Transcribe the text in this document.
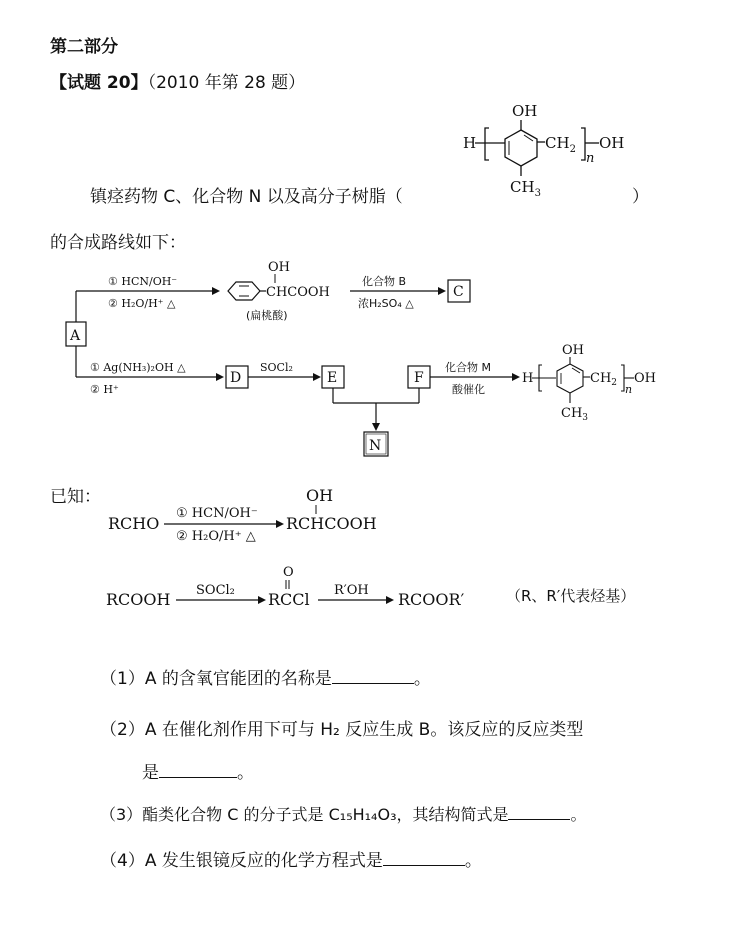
第二部分
【试题 20】（2010 年第 28 题）
镇痉药物 C、化合物 N 以及高分子树脂（	）
的合成路线如下：
OH
H	$CH_2$
n
OH
$CH_3$
A
① HCN/OH⁻
② H₂O/H⁺ △
OH
CHCOOH
(扁桃酸)
化合物 B
浓H₂SO₄ △
C
① Ag(NH₃)₂OH △
② H⁺
D
SOCl₂
E	F
N
化合物 M
酸催化
H
OH
$CH_2$ n
OH
$CH_3$
已知：
RCHO
① HCN/OH⁻
② H₂O/H⁺ △
OH
RCHCOOH
RCOOH SOCl₂
O
RCCl R′OH RCOOR′	（R、R′代表烃基）
（1）A 的含氧官能团的名称是	。
（2）A 在催化剂作用下可与 H₂ 反应生成 B。该反应的反应类型
是	。
（3）酯类化合物 C 的分子式是 C₁₅H₁₄O₃，其结构简式是	。
（4）A 发生银镜反应的化学方程式是	。
